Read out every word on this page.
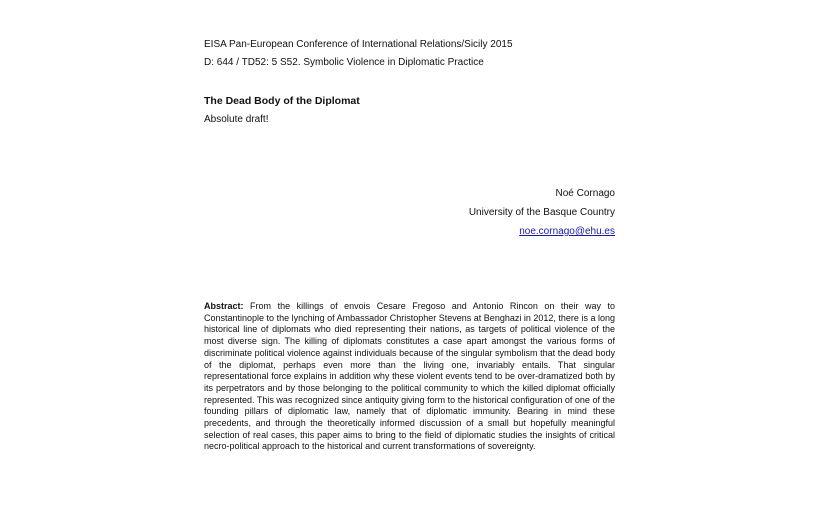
EISA Pan-European Conference of International Relations/Sicily 2015
D: 644 / TD52: 5 S52. Symbolic Violence in Diplomatic Practice
The Dead Body of the Diplomat
Absolute draft!
Noé Cornago
University of the Basque Country
noe.cornago@ehu.es
Abstract: From the killings of envois Cesare Fregoso and Antonio Rincon on their way to Constantinople to the lynching of Ambassador Christopher Stevens at Benghazi in 2012, there is a long historical line of diplomats who died representing their nations, as targets of political violence of the most diverse sign. The killing of diplomats constitutes a case apart amongst the various forms of discriminate political violence against individuals because of the singular symbolism that the dead body of the diplomat, perhaps even more than the living one, invariably entails. That singular representational force explains in addition why these violent events tend to be over-dramatized both by its perpetrators and by those belonging to the political community to which the killed diplomat officially represented. This was recognized since antiquity giving form to the historical configuration of one of the founding pillars of diplomatic law, namely that of diplomatic immunity. Bearing in mind these precedents, and through the theoretically informed discussion of a small but hopefully meaningful selection of real cases, this paper aims to bring to the field of diplomatic studies the insights of critical necro-political approach to the historical and current transformations of sovereignty.
